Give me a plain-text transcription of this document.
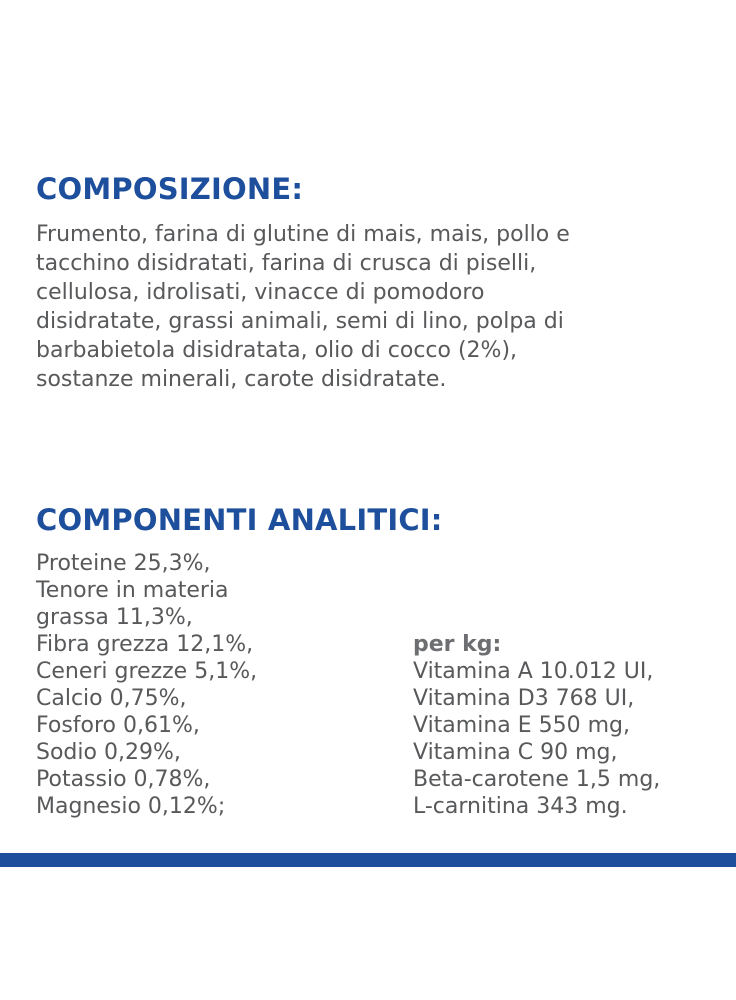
COMPOSIZIONE:

Frumento, farina di glutine di mais, mais, pollo e
tacchino disidratati, farina di crusca di piselli,
cellulosa, idrolisati, vinacce di pomodoro
disidratate, grassi animali, semi di lino, polpa di
barbabietola disidratata, olio di cocco (2%),
sostanze minerali, carote disidratate.

COMPONENTI ANALITICI:
Proteine 25,3%,
Tenore in materia
grassa 11,3%,
Fibra grezza 12,1%,
Ceneri grezze 5,1%,
Calcio 0,75%,
Fosforo 0,61%,
Sodio 0,29%,
Potassio 0,78%,
Magnesio 0,12%;
per kg:
Vitamina A 10.012 UI,
Vitamina D3 768 UI,
Vitamina E 550 mg,
Vitamina C 90 mg,
Beta-carotene 1,5 mg,
L-carnitina 343 mg.
